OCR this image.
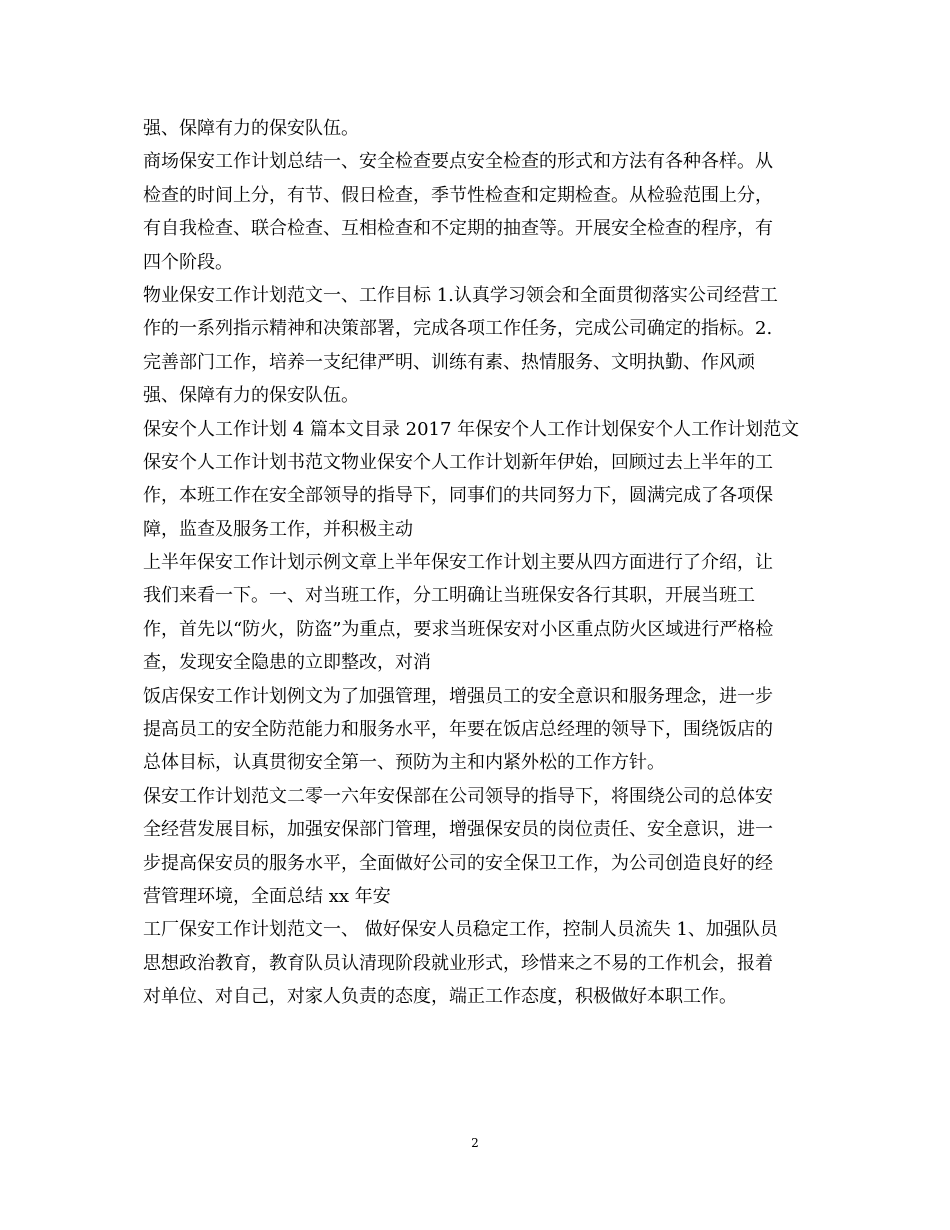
强、保障有力的保安队伍。
商场保安工作计划总结一、安全检查要点安全检查的形式和方法有各种各样。从
检查的时间上分，有节、假日检查，季节性检查和定期检查。从检验范围上分，
有自我检查、联合检查、互相检查和不定期的抽查等。开展安全检查的程序，有
四个阶段。
物业保安工作计划范文一、工作目标 1.认真学习领会和全面贯彻落实公司经营工
作的一系列指示精神和决策部署，完成各项工作任务，完成公司确定的指标。2.
完善部门工作，培养一支纪律严明、训练有素、热情服务、文明执勤、作风顽
强、保障有力的保安队伍。
保安个人工作计划 4 篇本文目录 2017 年保安个人工作计划保安个人工作计划范文
保安个人工作计划书范文物业保安个人工作计划新年伊始，回顾过去上半年的工
作，本班工作在安全部领导的指导下，同事们的共同努力下，圆满完成了各项保
障，监查及服务工作，并积极主动
上半年保安工作计划示例文章上半年保安工作计划主要从四方面进行了介绍，让
我们来看一下。一、对当班工作，分工明确让当班保安各行其职，开展当班工
作，首先以“防火，防盗”为重点，要求当班保安对小区重点防火区域进行严格检
查，发现安全隐患的立即整改，对消
饭店保安工作计划例文为了加强管理，增强员工的安全意识和服务理念，进一步
提高员工的安全防范能力和服务水平，年要在饭店总经理的领导下，围绕饭店的
总体目标，认真贯彻安全第一、预防为主和内紧外松的工作方针。
保安工作计划范文二零一六年安保部在公司领导的指导下，将围绕公司的总体安
全经营发展目标，加强安保部门管理，增强保安员的岗位责任、安全意识，进一
步提高保安员的服务水平，全面做好公司的安全保卫工作，为公司创造良好的经
营管理环境，全面总结 xx 年安
工厂保安工作计划范文一、 做好保安人员稳定工作，控制人员流失 1、加强队员
思想政治教育，教育队员认清现阶段就业形式，珍惜来之不易的工作机会，报着
对单位、对自己，对家人负责的态度，端正工作态度，积极做好本职工作。
2
